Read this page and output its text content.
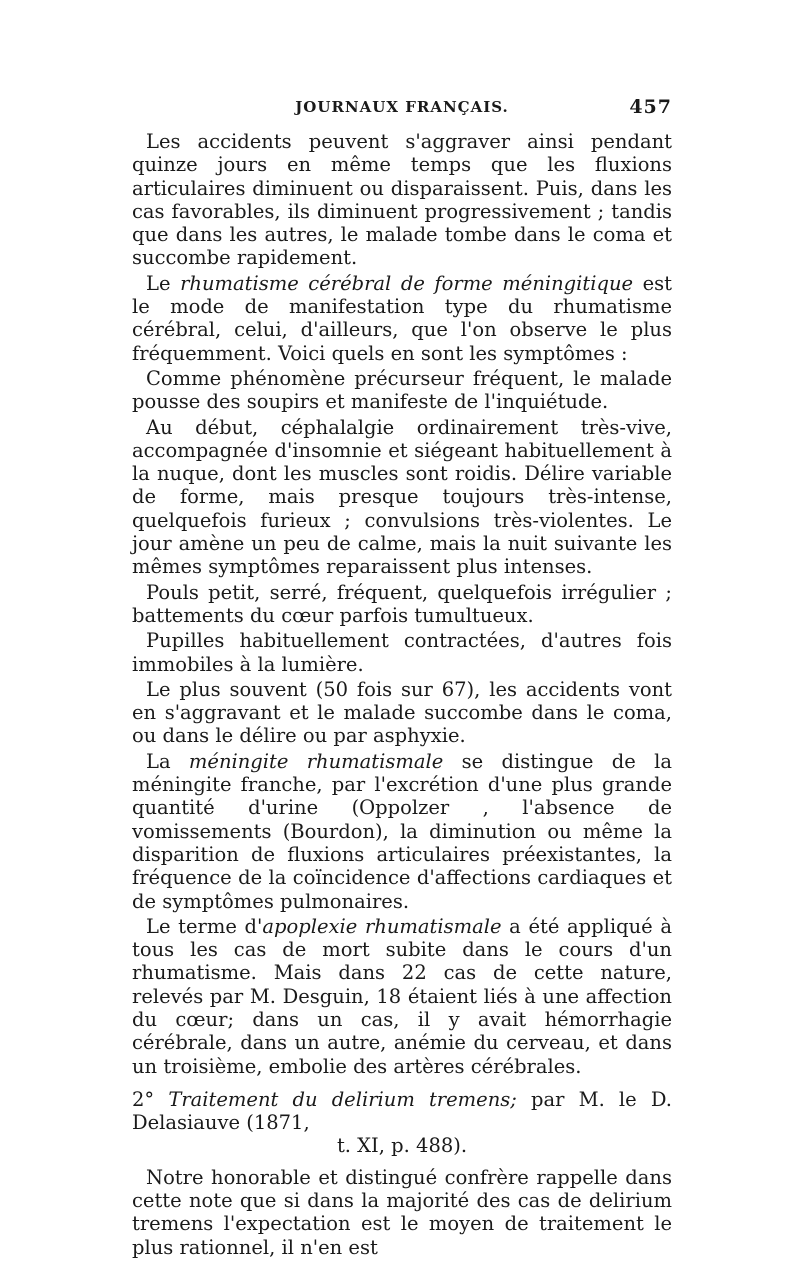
JOURNAUX FRANÇAIS.	457

Les accidents peuvent s'aggraver ainsi pendant quinze jours en même temps que les fluxions articulaires diminuent ou disparaissent. Puis, dans les cas favorables, ils diminuent progressivement ; tandis que dans les autres, le malade tombe dans le coma et succombe rapidement.

Le rhumatisme cérébral de forme méningitique est le mode de manifestation type du rhumatisme cérébral, celui, d'ailleurs, que l'on observe le plus fréquemment. Voici quels en sont les symptômes :

Comme phénomène précurseur fréquent, le malade pousse des soupirs et manifeste de l'inquiétude.

Au début, céphalalgie ordinairement très-vive, accompagnée d'insomnie et siégeant habituellement à la nuque, dont les muscles sont roidis. Délire variable de forme, mais presque toujours très-intense, quelquefois furieux ; convulsions très-violentes. Le jour amène un peu de calme, mais la nuit suivante les mêmes symptômes reparaissent plus intenses.

Pouls petit, serré, fréquent, quelquefois irrégulier ; battements du cœur parfois tumultueux.

Pupilles habituellement contractées, d'autres fois immobiles à la lumière.

Le plus souvent (50 fois sur 67), les accidents vont en s'aggravant et le malade succombe dans le coma, ou dans le délire ou par asphyxie.

La méningite rhumatismale se distingue de la méningite franche, par l'excrétion d'une plus grande quantité d'urine (Oppolzer , l'absence de vomissements (Bourdon), la diminution ou même la disparition de fluxions articulaires préexistantes, la fréquence de la coïncidence d'affections cardiaques et de symptômes pulmonaires.

Le terme d'apoplexie rhumatismale a été appliqué à tous les cas de mort subite dans le cours d'un rhumatisme. Mais dans 22 cas de cette nature, relevés par M. Desguin, 18 étaient liés à une affection du cœur; dans un cas, il y avait hémorrhagie cérébrale, dans un autre, anémie du cerveau, et dans un troisième, embolie des artères cérébrales.

2° Traitement du delirium tremens; par M. le D. Delasiauve (1871,
t. XI, p. 488).

Notre honorable et distingué confrère rappelle dans cette note que si dans la majorité des cas de delirium tremens l'expectation est le moyen de traitement le plus rationnel, il n'en est
